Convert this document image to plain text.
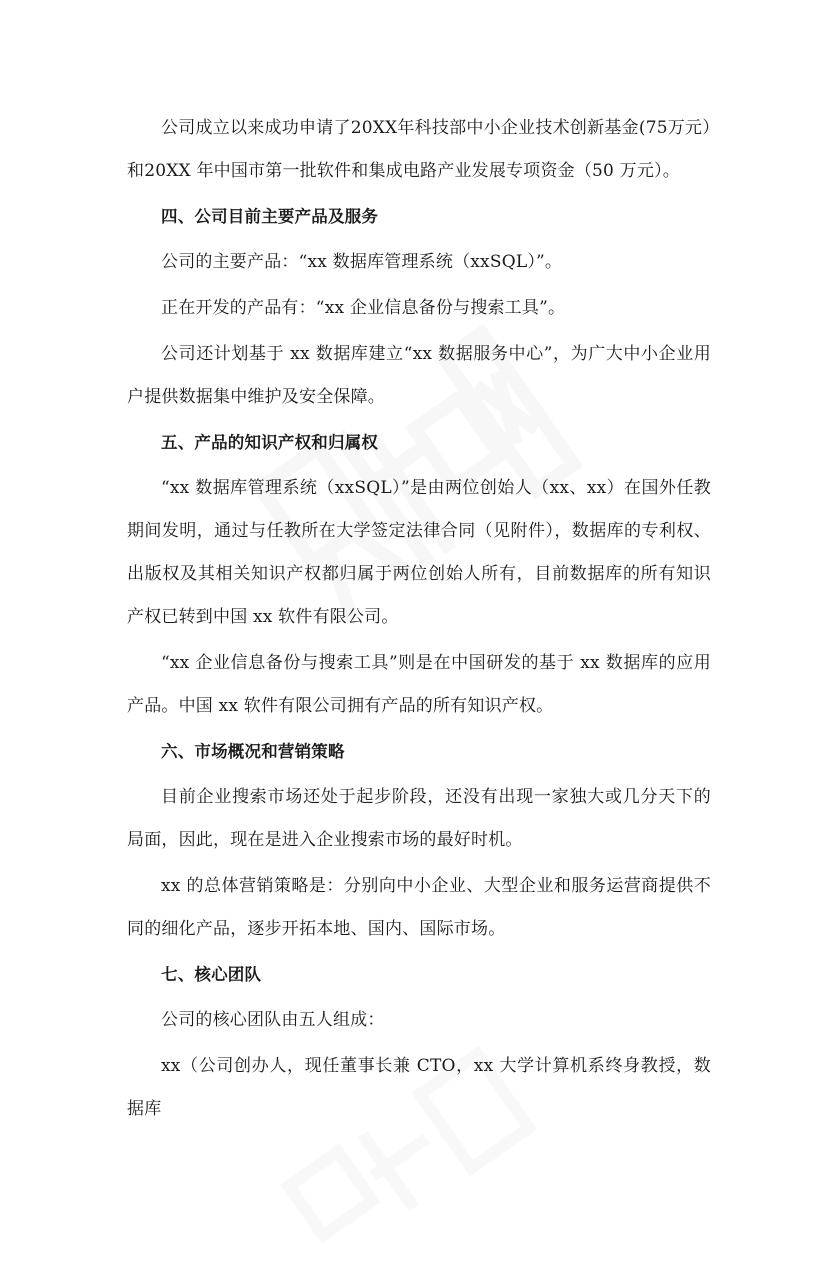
公司成立以来成功申请了20XX年科技部中小企业技术创新基金(75万元）和20XX 年中国市第一批软件和集成电路产业发展专项资金（50 万元）。

四、公司目前主要产品及服务

公司的主要产品：“xx 数据库管理系统（xxSQL）”。

正在开发的产品有：“xx 企业信息备份与搜索工具”。

公司还计划基于 xx 数据库建立“xx 数据服务中心”，为广大中小企业用户提供数据集中维护及安全保障。

五、产品的知识产权和归属权

“xx 数据库管理系统（xxSQL）”是由两位创始人（xx、xx）在国外任教期间发明，通过与任教所在大学签定法律合同（见附件），数据库的专利权、出版权及其相关知识产权都归属于两位创始人所有，目前数据库的所有知识产权已转到中国 xx 软件有限公司。

“xx 企业信息备份与搜索工具”则是在中国研发的基于 xx 数据库的应用产品。中国 xx 软件有限公司拥有产品的所有知识产权。

六、市场概况和营销策略

目前企业搜索市场还处于起步阶段，还没有出现一家独大或几分天下的局面，因此，现在是进入企业搜索市场的最好时机。

xx 的总体营销策略是：分别向中小企业、大型企业和服务运营商提供不同的细化产品，逐步开拓本地、国内、国际市场。

七、核心团队

公司的核心团队由五人组成：

xx（公司创办人，现任董事长兼 CTO，xx 大学计算机系终身教授，数据库
